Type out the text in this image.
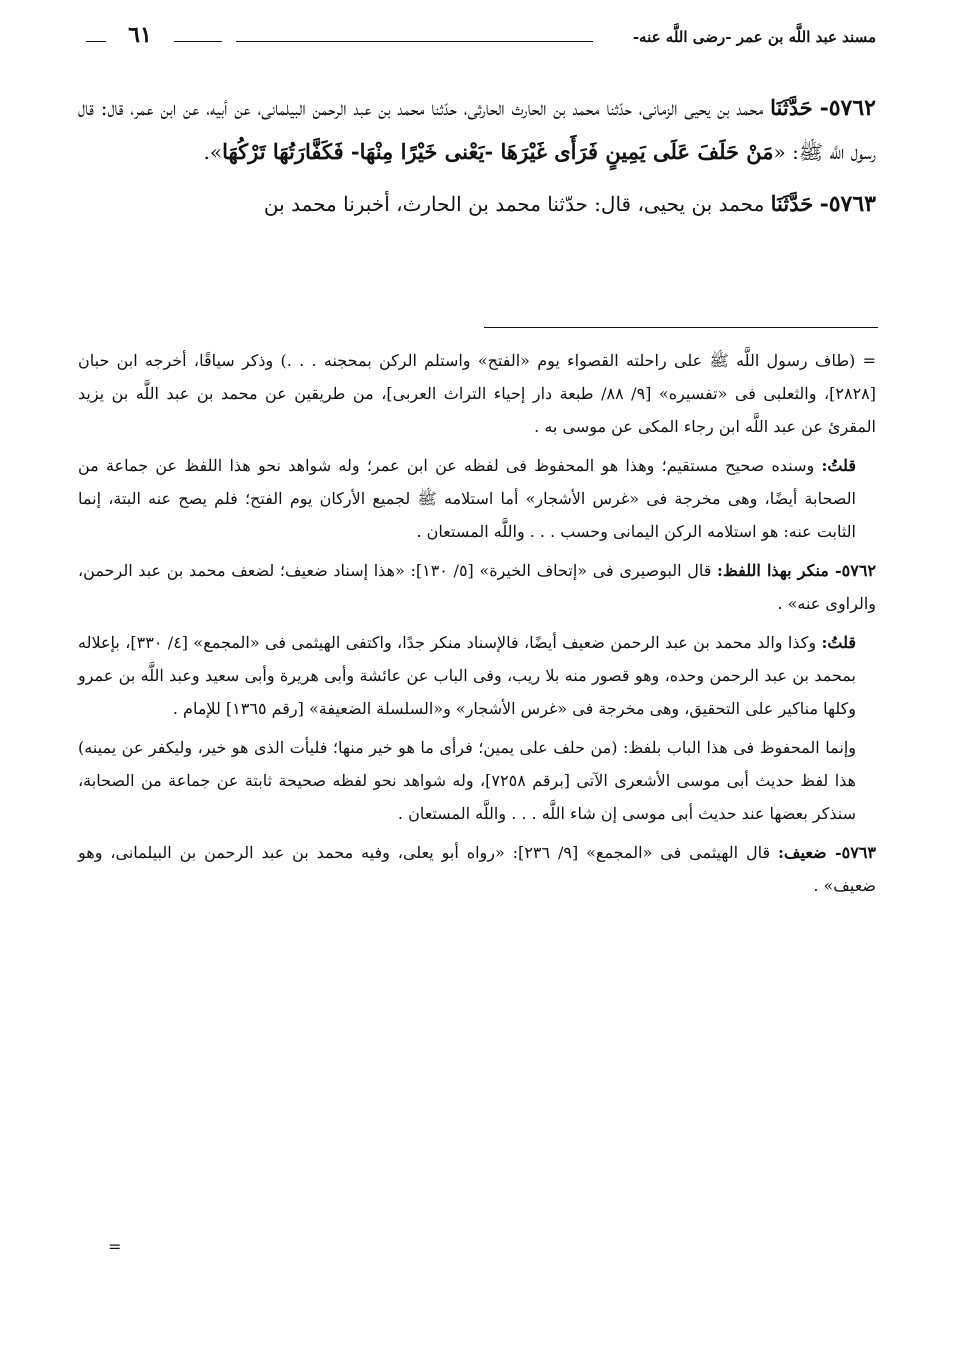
مسند عبد اللَّه بن عمر -رضى اللَّه عنه-
٦١

٥٧٦٢- حَدَّثَنَا محمد بن يحيى الزمانى، حدّثنا محمد بن الحارث الحارثى، حدّثنا محمد بن عبد الرحمن البيلمانى، عن أبيه، عن ابن عمر، قال: قال رسول اللَّه ﷺ: «مَنْ حَلَفَ عَلَى يَمِينٍ فَرَأَى غَيْرَهَا -يَعْنى خَيْرًا مِنْهَا- فَكَفَّارَتُهَا تَرْكُهَا».

٥٧٦٣- حَدَّثَنَا محمد بن يحيى، قال: حدّثنا محمد بن الحارث، أخبرنا محمد بن

= (طاف رسول اللَّه ﷺ على راحلته القصواء يوم «الفتح» واستلم الركن بمحجنه . . .) وذكر سياقًا، أخرجه ابن حبان [٢٨٢٨]، والثعلبى فى «تفسيره» [٩/ ٨٨/ طبعة دار إحياء التراث العربى]، من طريقين عن محمد بن عبد اللَّه بن يزيد المقرئ عن عبد اللَّه ابن رجاء المكى عن موسى به .

قلتُ: وسنده صحيح مستقيم؛ وهذا هو المحفوظ فى لفظه عن ابن عمر؛ وله شواهد نحو هذا اللفظ عن جماعة من الصحابة أيضًا، وهى مخرجة فى «غرس الأشجار» أما استلامه ﷺ لجميع الأركان يوم الفتح؛ فلم يصح عنه البتة، إنما الثابت عنه: هو استلامه الركن اليمانى وحسب . . . واللَّه المستعان .

٥٧٦٢- منكر بهذا اللفظ: قال البوصيرى فى «إتحاف الخيرة» [٥/ ١٣٠]: «هذا إسناد ضعيف؛ لضعف محمد بن عبد الرحمن، والراوى عنه» .

قلتُ: وكذا والد محمد بن عبد الرحمن ضعيف أيضًا، فالإسناد منكر جدًا، واكتفى الهيثمى فى «المجمع» [٤/ ٣٣٠]، بإعلاله بمحمد بن عبد الرحمن وحده، وهو قصور منه بلا ريب، وفى الباب عن عائشة وأبى هريرة وأبى سعيد وعبد اللَّه بن عمرو وكلها مناكير على التحقيق، وهى مخرجة فى «غرس الأشجار» و«السلسلة الضعيفة» [رقم ١٣٦٥] للإمام .

وإنما المحفوظ فى هذا الباب بلفظ: (من حلف على يمين؛ فرأى ما هو خير منها؛ فليأت الذى هو خير، وليكفر عن يمينه) هذا لفظ حديث أبى موسى الأشعرى الآتى [برقم ٧٢٥٨]، وله شواهد نحو لفظه صحيحة ثابتة عن جماعة من الصحابة، سنذكر بعضها عند حديث أبى موسى إن شاء اللَّه . . . واللَّه المستعان .

٥٧٦٣- ضعيف: قال الهيثمى فى «المجمع» [٩/ ٢٣٦]: «رواه أبو يعلى، وفيه محمد بن عبد الرحمن بن البيلمانى، وهو ضعيف» .

=
